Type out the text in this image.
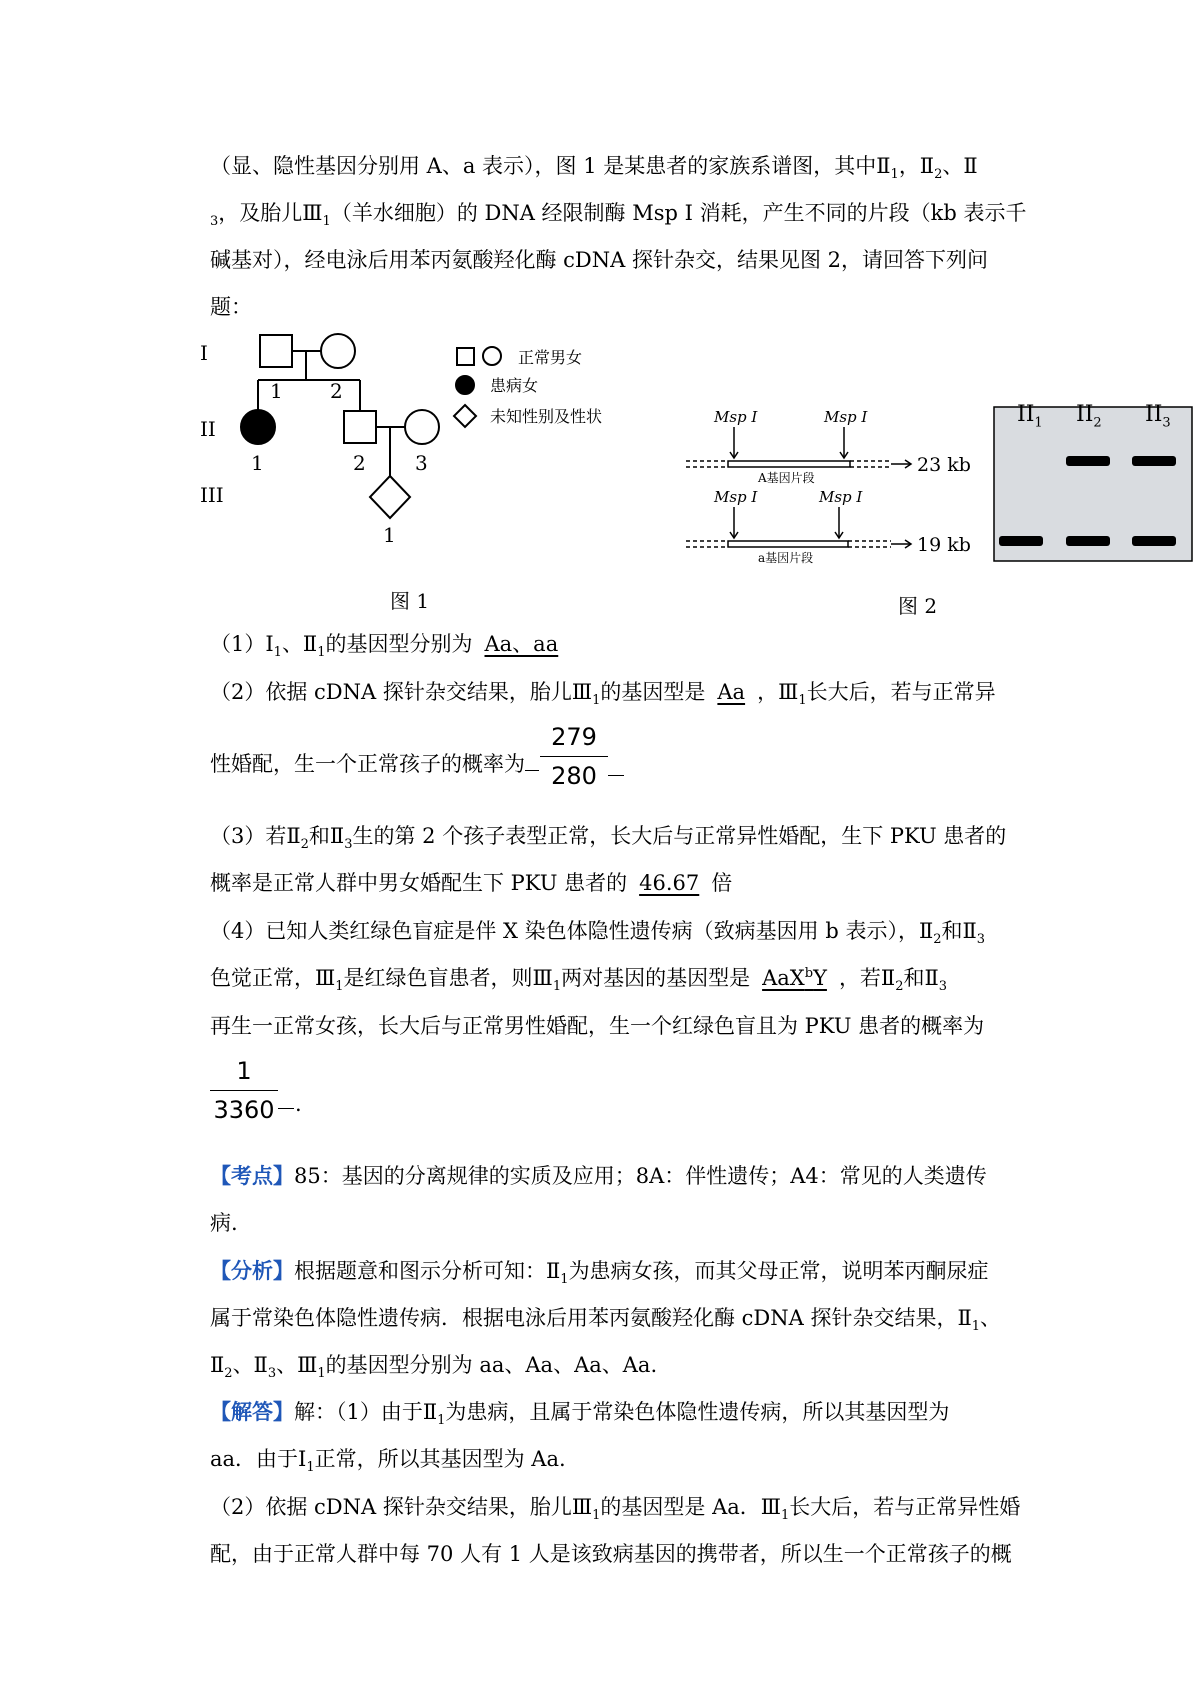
（显、隐性基因分别用 A、a 表示），图 1 是某患者的家族系谱图，其中$Ⅱ_1$，$Ⅱ_2$、Ⅱ
$_3$，及胎儿$Ⅲ_1$（羊水细胞）的 DNA 经限制酶 Msp I 消耗，产生不同的片段（kb 表示千
碱基对），经电泳后用苯丙氨酸羟化酶 cDNA 探针杂交，结果见图 2，请回答下列问
题：
I
II
III
1 2
1	2 3
1
正常男女
患病女
未知性别及性状
图 1
Msp I	Msp I
Msp I	Msp I
A基因片段
a基因片段
23 kb
19 kb
图 2
$II_1$ $II_2$ $II_3$
$(1)Ⅰ_1$、$Ⅱ_1$的基因型分别为 Aa、aa
（2）依据 cDNA 探针杂交结果，胎儿$Ⅲ_1$的基因型是 Aa ，$Ⅲ_1$长大后，若与正常异
性婚配，生一个正常孩子的概率为 $\frac{279}{280}$
（3）若$Ⅱ_2$和$Ⅱ_3$生的第 2 个孩子表型正常，长大后与正常异性婚配，生下 PKU 患者的
概率是正常人群中男女婚配生下 PKU 患者的 46.67 倍
（4）已知人类红绿色盲症是伴 X 染色体隐性遗传病（致病基因用 b 表示），$Ⅱ_2$和$Ⅱ_3$
色觉正常，$Ⅲ_1$是红绿色盲患者，则$Ⅲ_1$两对基因的基因型是 AaX$^b$Y ，若$Ⅱ_2$和$Ⅱ_3$
再生一正常女孩，长大后与正常男性婚配，生一个红绿色盲且为 PKU 患者的概率为
$\frac{1}{3360}$ .
【考点】85：基因的分离规律的实质及应用；8A：伴性遗传；A4：常见的人类遗传
病.
【分析】根据题意和图示分析可知：$Ⅱ_1$为患病女孩，而其父母正常，说明苯丙酮尿症
属于常染色体隐性遗传病．根据电泳后用苯丙氨酸羟化酶 cDNA 探针杂交结果，$Ⅱ_1$、
$Ⅱ_2$、$Ⅱ_3$、$Ⅲ_1$的基因型分别为 aa、Aa、Aa、Aa.
【解答】解：（1）由于$Ⅱ_1$为患病，且属于常染色体隐性遗传病，所以其基因型为
aa．由于$Ⅰ_1$正常，所以其基因型为 Aa.
（2）依据 cDNA 探针杂交结果，胎儿$Ⅲ_1$的基因型是 Aa．$Ⅲ_1$长大后，若与正常异性婚
配，由于正常人群中每 70 人有 1 人是该致病基因的携带者，所以生一个正常孩子的概
